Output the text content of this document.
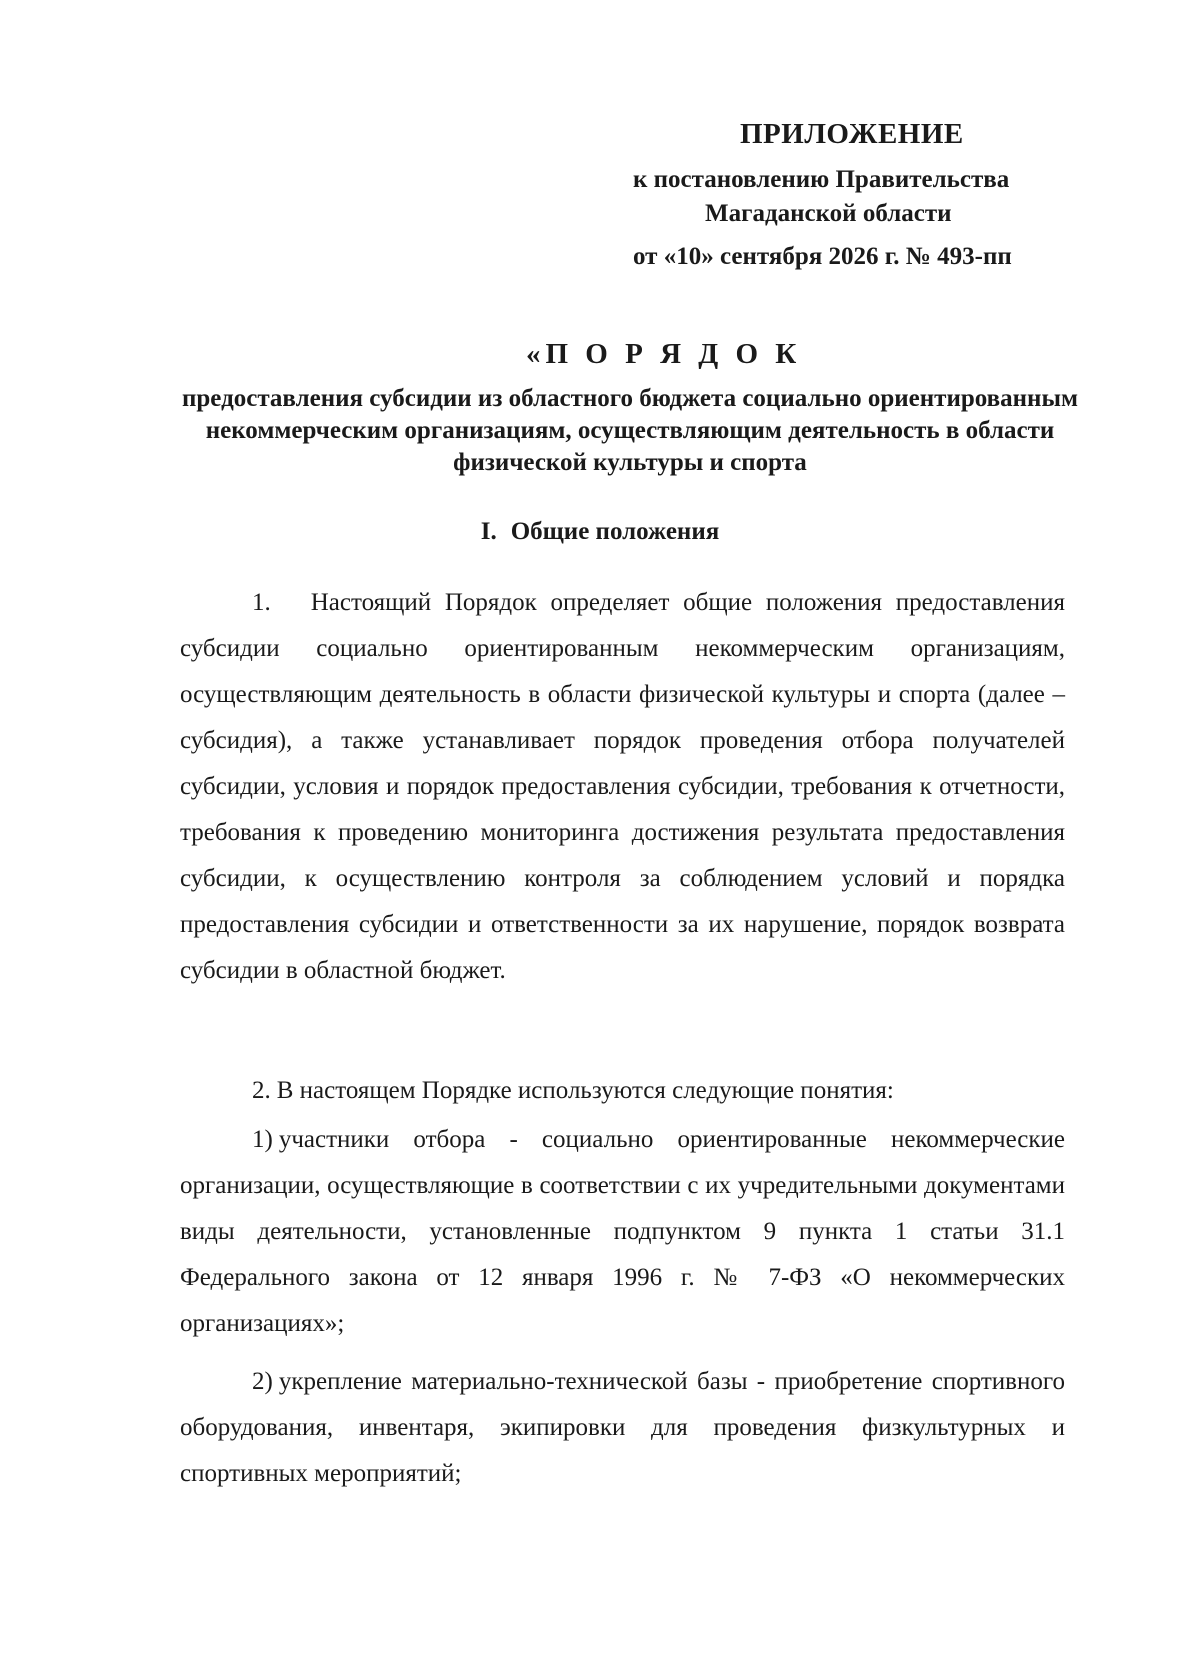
ПРИЛОЖЕНИЕ
к постановлению Правительства
Магаданской области
от «10» сентября 2026 г. № 493-пп
«П О Р Я Д О К
предоставления субсидии из областного бюджета социально ориентированным некоммерческим организациям, осуществляющим деятельность в области физической культуры и спорта
I. Общие положения
1. Настоящий Порядок определяет общие положения предоставления субсидии социально ориентированным некоммерческим организациям, осуществляющим деятельность в области физической культуры и спорта (далее – субсидия), а также устанавливает порядок проведения отбора получателей субсидии, условия и порядок предоставления субсидии, требования к отчетности, требования к проведению мониторинга достижения результата предоставления субсидии, к осуществлению контроля за соблюдением условий и порядка предоставления субсидии и ответственности за их нарушение, порядок возврата субсидии в областной бюджет.
2. В настоящем Порядке используются следующие понятия:
1) участники отбора - социально ориентированные некоммерческие организации, осуществляющие в соответствии с их учредительными документами виды деятельности, установленные подпунктом 9 пункта 1 статьи 31.1 Федерального закона от 12 января 1996 г. № 7-ФЗ «О некоммерческих организациях»;
2) укрепление материально-технической базы - приобретение спортивного оборудования, инвентаря, экипировки для проведения физкультурных и спортивных мероприятий;
